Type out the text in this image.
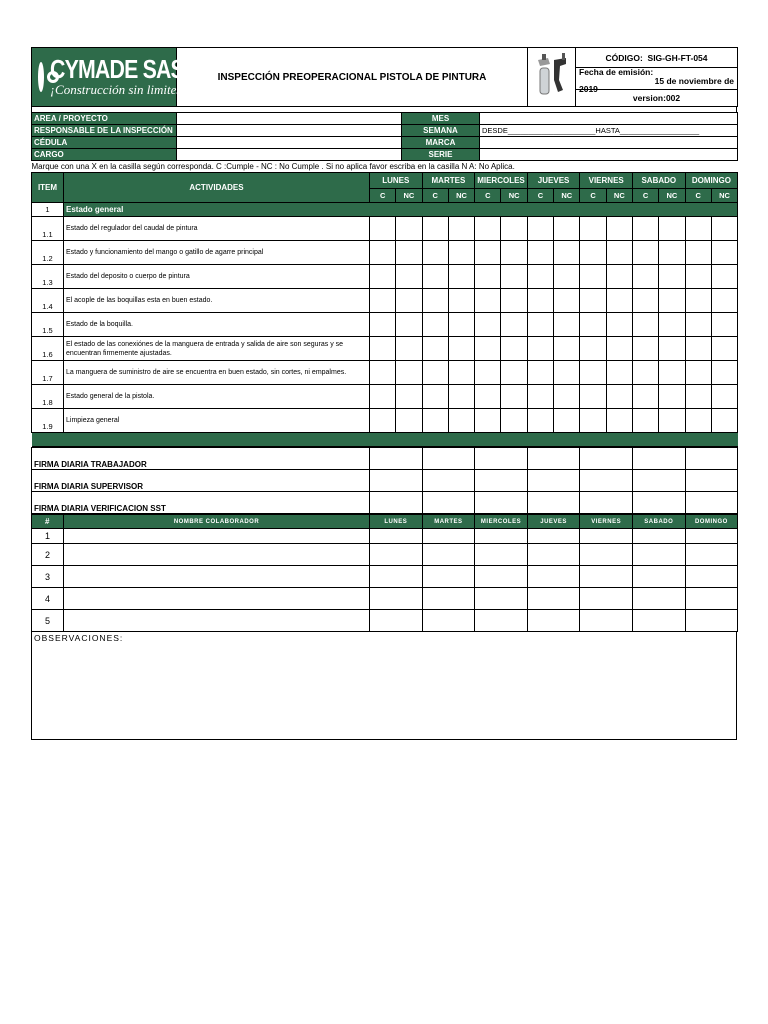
CYMADE SAS
¡Construcción sin limites!
	INSPECCIÓN PREOPERACIONAL PISTOLA DE PINTURA		CÓDIGO: SIG-GH-FT-054

Fecha de emisión:
15 de noviembre de
2019

version:002
AREA / PROYECTO		MES	
RESPONSABLE DE LA INSPECCIÓN		SEMANA	DESDE_____________________HASTA___________________
CÉDULA		MARCA	
CARGO		SERIE	
Marque con una X en la casilla según corresponda. C :Cumple - NC : No Cumple . Si no aplica favor escriba en la casilla N A: No Aplica.			
ITEM	ACTIVIDADES	LUNES		MARTES		MIERCOLES		JUEVES		VIERNES		SABADO		DOMINGO	
		C	NC	C	NC	C	NC	C	NC	C	NC	C	NC	C	NC
1	Estado general														
1.1	Estado del regulador del caudal de pintura														
1.2	Estado y funcionamiento del mango o gatillo de agarre principal														
1.3	Estado del deposito o cuerpo de pintura														
1.4	El acople de las boquillas esta en buen estado.														
1.5	Estado de la boquilla.														
1.6	El estado de las conexiónes de la manguera de entrada y salida de aire son seguras y se encuentran firmemente ajustadas.														
1.7	La manguera de suministro de aire se encuentra en buen estado, sin cortes, ni empalmes.														
1.8	Estado general de la pistola.														
1.9	Limpieza general														

FIRMA DIARIA TRABAJADOR							
FIRMA DIARIA SUPERVISOR							
FIRMA DIARIA VERIFICACION SST							
#	NOMBRE COLABORADOR	LUNES	MARTES	MIERCOLES	JUEVES	VIERNES	SABADO	DOMINGO
1								
2								
3								
4								
5								
OBSERVACIONES:
